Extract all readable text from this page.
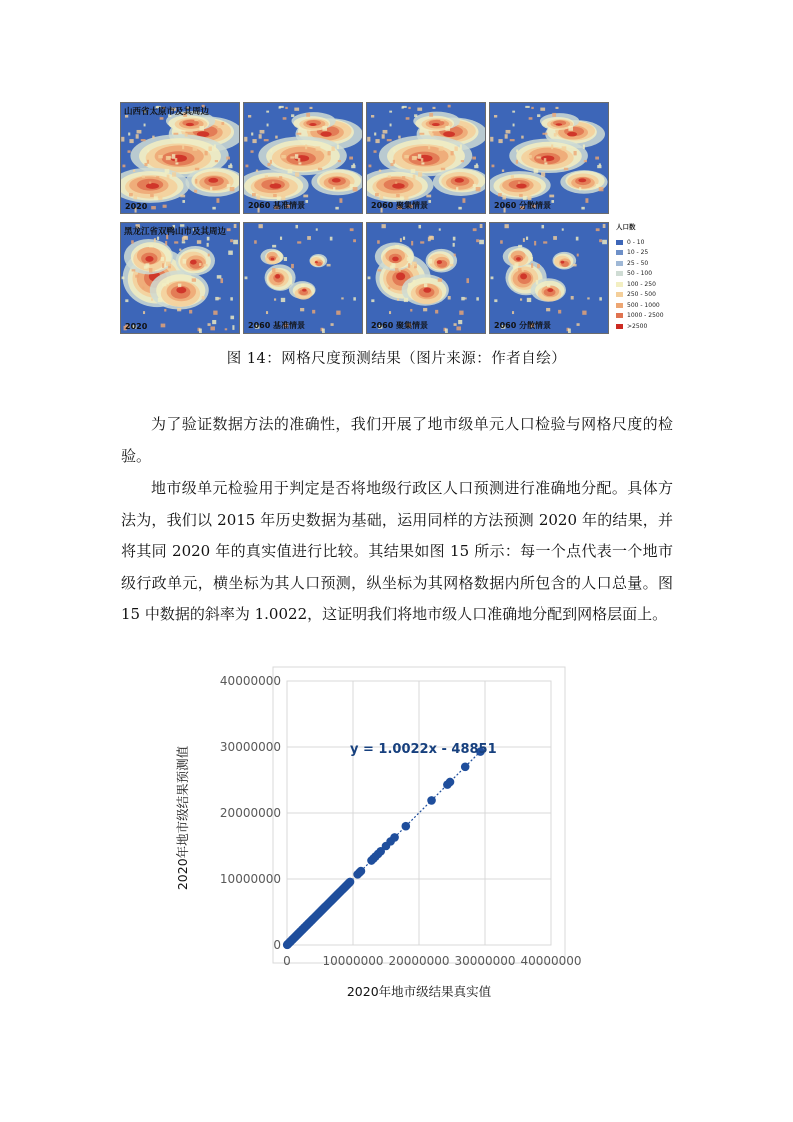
2020
山西省太原市及其周边
2060 基准情景	2060 聚集情景	2060 分散情景
2020
黑龙江省双鸭山市及其周边
2060 基准情景	2060 聚集情景	2060 分散情景
人口数
0 - 10
10 - 25
25 - 50
50 - 100
100 - 250
250 - 500
500 - 1000
1000 - 2500
>2500
图 14：网格尺度预测结果（图片来源：作者自绘）
为了验证数据方法的准确性，我们开展了地市级单元人口检验与网格尺度的检验。
地市级单元检验用于判定是否将地级行政区人口预测进行准确地分配。具体方法为，我们以 2015 年历史数据为基础，运用同样的方法预测 2020 年的结果，并将其同 2020 年的真实值进行比较。其结果如图 15 所示：每一个点代表一个地市级行政单元，横坐标为其人口预测，纵坐标为其网格数据内所包含的人口总量。图 15 中数据的斜率为 1.0022，这证明我们将地市级人口准确地分配到网格层面上。
0	10000000 20000000 30000000 40000000
0
10000000
20000000
30000000
40000000
y = 1.0022x - 48851
2020年地市级结果真实值
2020年地市级结果预测值
